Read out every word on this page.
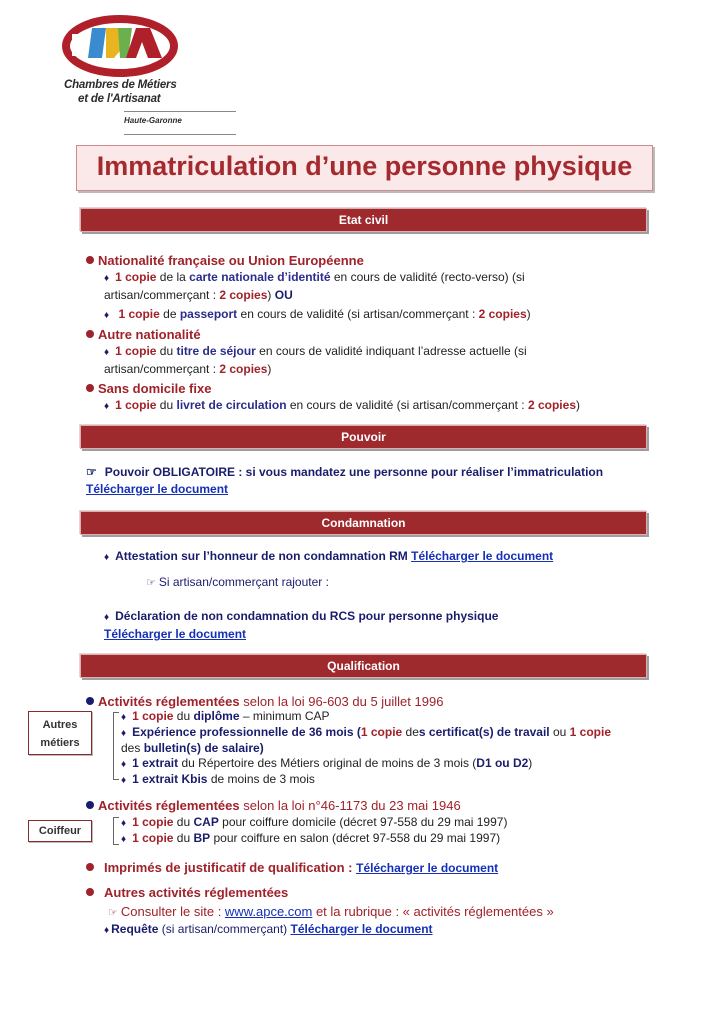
Chambres de Métiers
et de l'Artisanat
Haute-Garonne
Immatriculation d’une personne physique
Etat civil
Nationalité française ou Union Européenne
♦ 1 copie de la carte nationale d’identité en cours de validité (recto-verso) (si
artisan/commerçant : 2 copies) OU
♦ 1 copie de passeport en cours de validité (si artisan/commerçant : 2 copies)
Autre nationalité
♦ 1 copie du titre de séjour en cours de validité indiquant l’adresse actuelle (si
artisan/commerçant : 2 copies)
Sans domicile fixe
♦ 1 copie du livret de circulation en cours de validité (si artisan/commerçant : 2 copies)
Pouvoir
☞ Pouvoir OBLIGATOIRE : si vous mandatez une personne pour réaliser l’immatriculation
Télécharger le document
Condamnation
♦ Attestation sur l’honneur de non condamnation RM Télécharger le document
☞ Si artisan/commerçant rajouter :
♦ Déclaration de non condamnation du RCS pour personne physique
Télécharger le document
Qualification
Activités réglementées selon la loi 96-603 du 5 juillet 1996
Autres métiers
♦ 1 copie du diplôme – minimum CAP
♦ Expérience professionnelle de 36 mois (1 copie des certificat(s) de travail ou 1 copie
des bulletin(s) de salaire)
♦ 1 extrait du Répertoire des Métiers original de moins de 3 mois (D1 ou D2)
♦ 1 extrait Kbis de moins de 3 mois
Activités réglementées selon la loi n°46-1173 du 23 mai 1946
Coiffeur
♦ 1 copie du CAP pour coiffure domicile (décret 97-558 du 29 mai 1997)
♦ 1 copie du BP pour coiffure en salon (décret 97-558 du 29 mai 1997)
Imprimés de justificatif de qualification : Télécharger le document
Autres activités réglementées
☞ Consulter le site : www.apce.com et la rubrique : « activités réglementées »
♦ Requête (si artisan/commerçant) Télécharger le document
